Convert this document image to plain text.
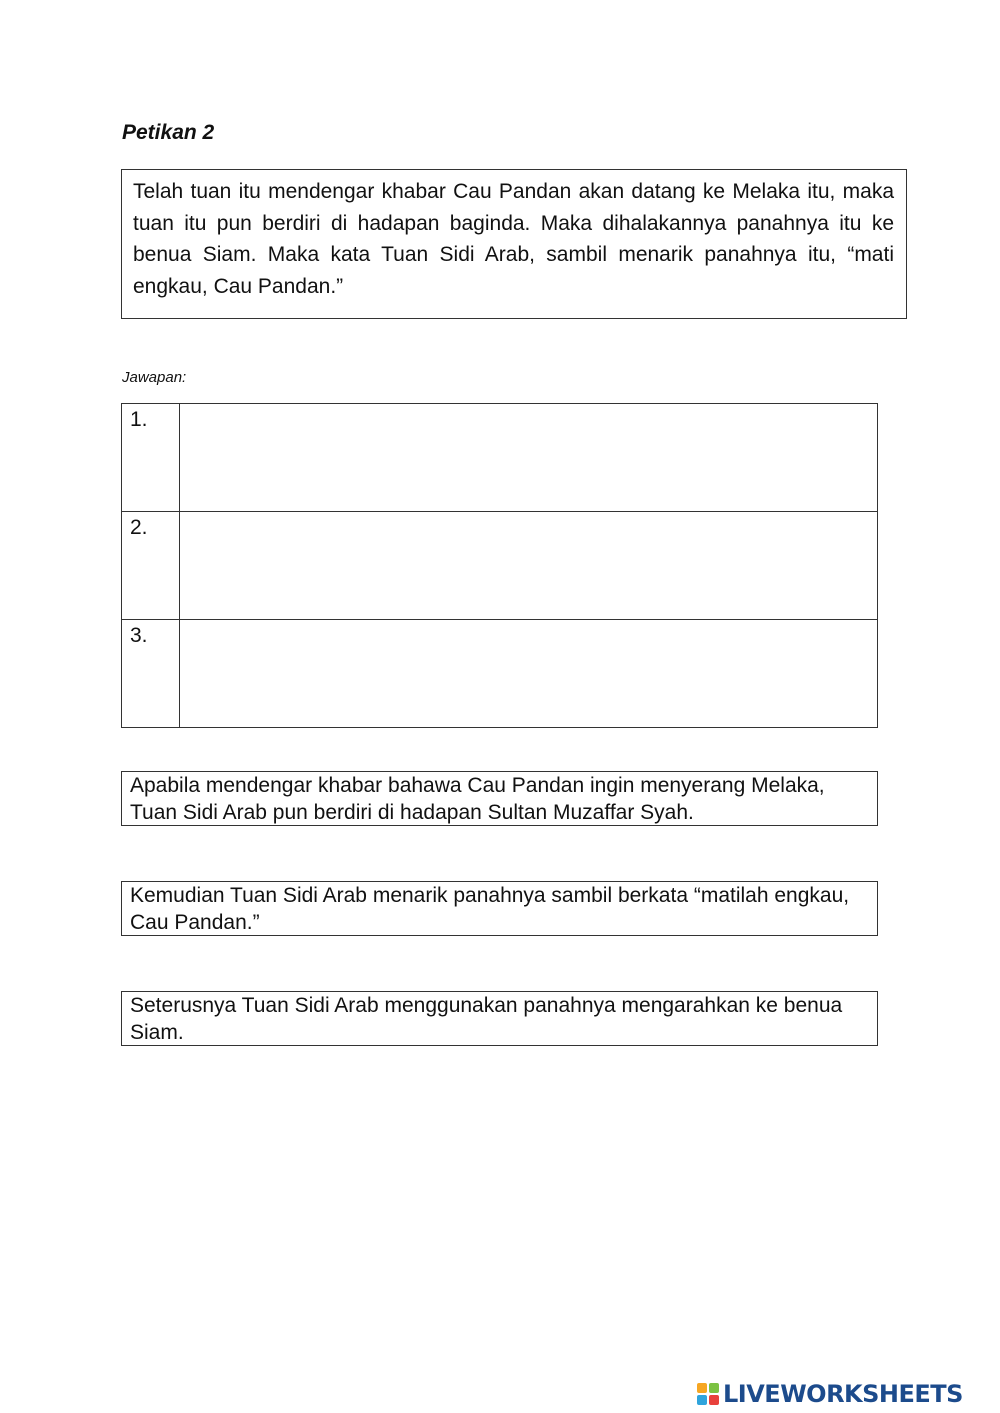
Petikan 2
Telah tuan itu mendengar khabar Cau Pandan akan datang ke Melaka itu, maka tuan itu pun berdiri di hadapan baginda. Maka dihalakannya panahnya itu ke benua Siam. Maka kata Tuan Sidi Arab, sambil menarik panahnya itu, “mati engkau, Cau Pandan.”
Jawapan:
1.	
2.	
3.	
Apabila mendengar khabar bahawa Cau Pandan ingin menyerang Melaka, Tuan Sidi Arab pun berdiri di hadapan Sultan Muzaffar Syah.
Kemudian Tuan Sidi Arab menarik panahnya sambil berkata “matilah engkau, Cau Pandan.”
Seterusnya Tuan Sidi Arab menggunakan panahnya mengarahkan ke benua Siam.
LIVEWORKSHEETS
